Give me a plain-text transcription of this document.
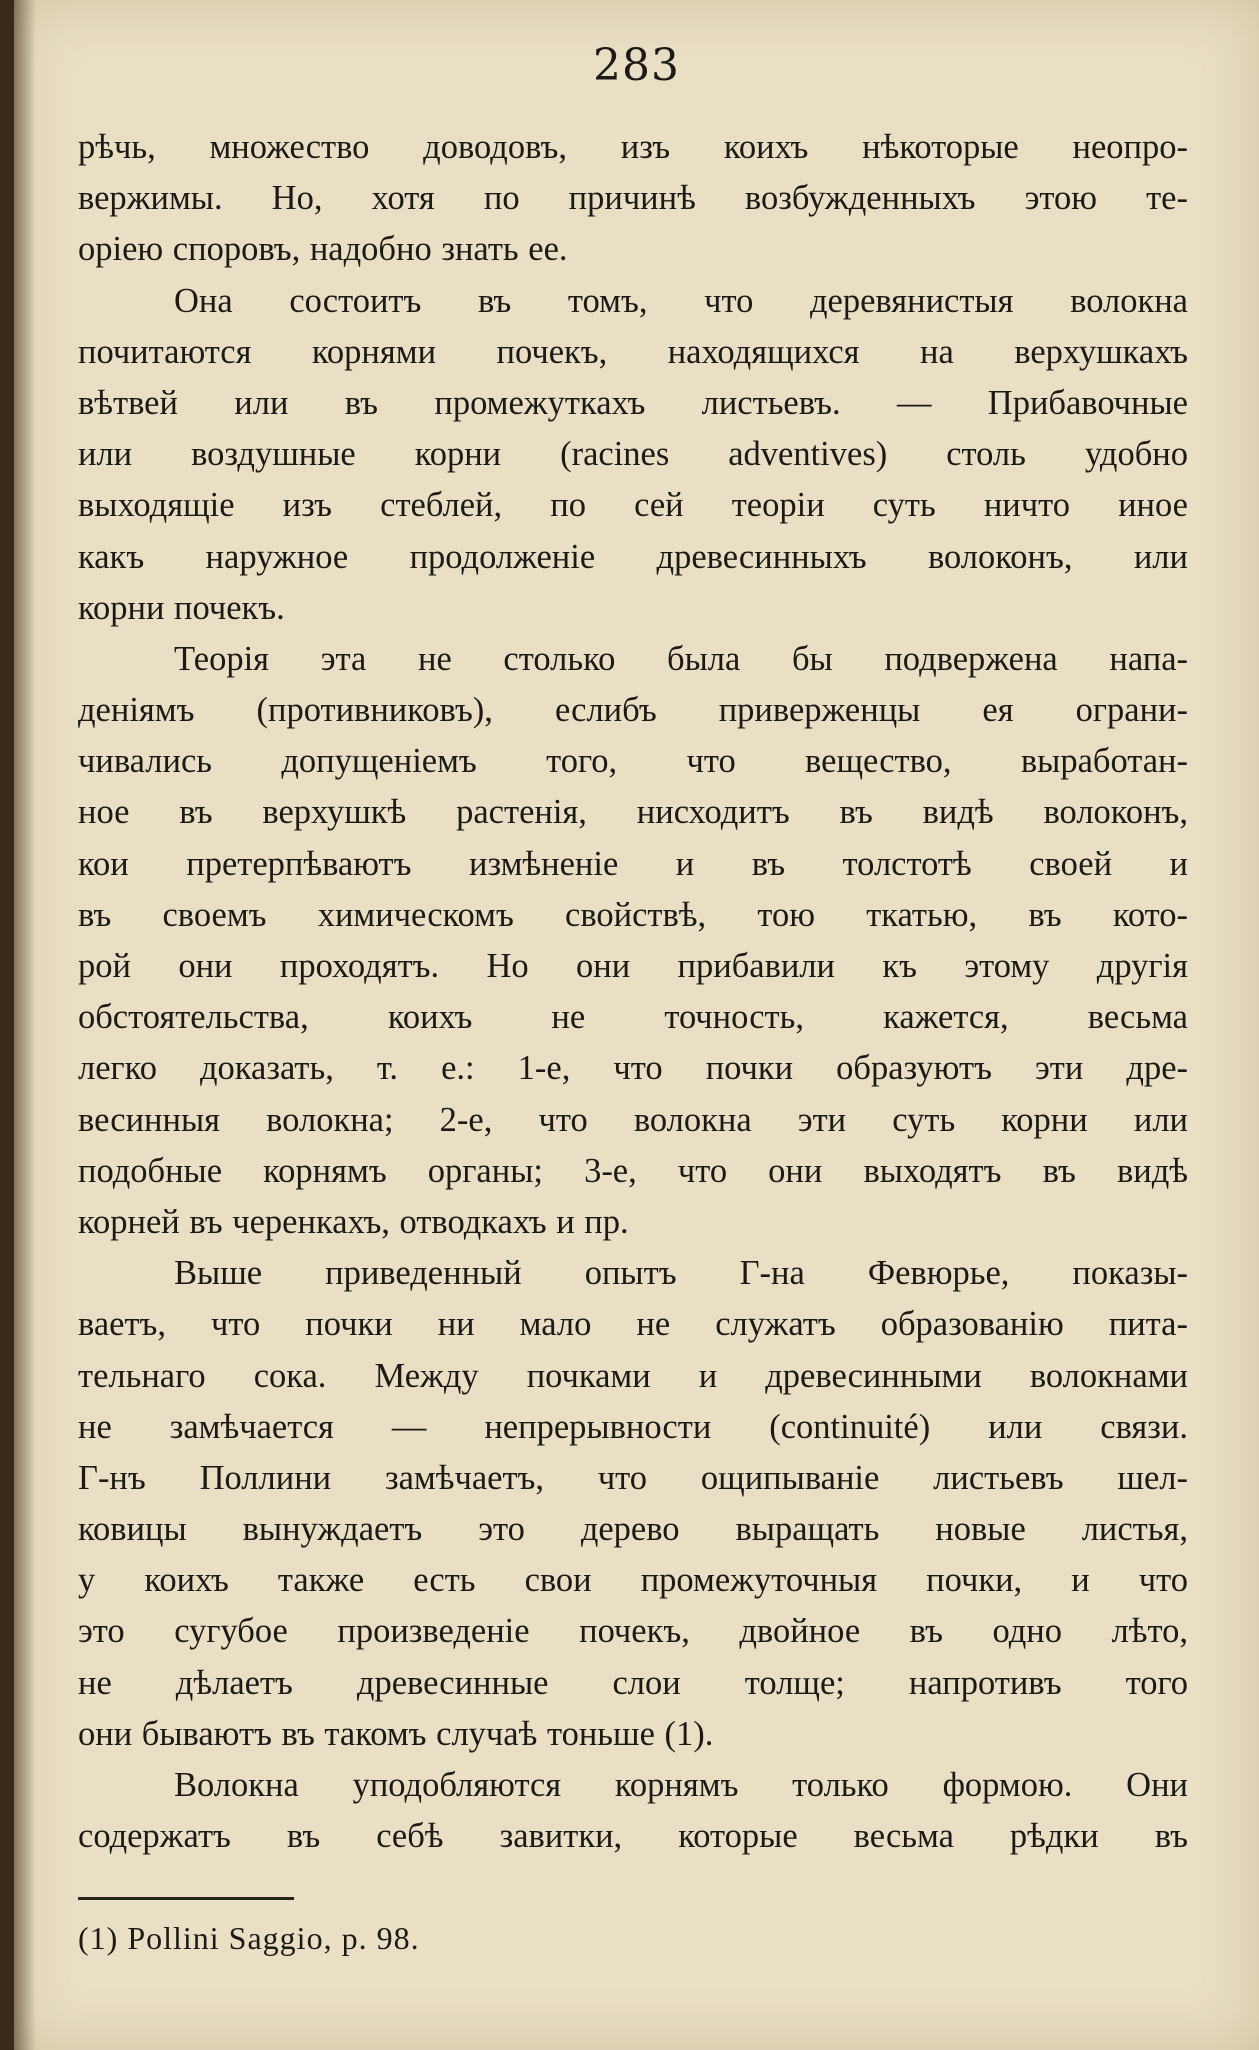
283
рѣчь, множество доводовъ, изъ коихъ нѣкоторые неопро-
вержимы. Но, хотя по причинѣ возбужденныхъ этою те-
оріею споровъ, надобно знать ее.
Она состоитъ въ томъ, что деревянистыя волокна
почитаются корнями почекъ, находящихся на верхушкахъ
вѣтвей или въ промежуткахъ листьевъ. — Прибавочные
или воздушные корни (racines adventives) столь удобно
выходящіе изъ стеблей, по сей теоріи суть ничто иное
какъ наружное продолженіе древесинныхъ волоконъ, или
корни почекъ.
Теорія эта не столько была бы подвержена напа-
деніямъ (противниковъ), еслибъ приверженцы ея ограни-
чивались допущеніемъ того, что вещество, выработан-
ное въ верхушкѣ растенія, нисходитъ въ видѣ волоконъ,
кои претерпѣваютъ измѣненіе и въ толстотѣ своей и
въ своемъ химическомъ свойствѣ, тою ткатью, въ кото-
рой они проходятъ. Но они прибавили къ этому другія
обстоятельства, коихъ не точность, кажется, весьма
легко доказать, т. е.: 1-е, что почки образуютъ эти дре-
весинныя волокна; 2-е, что волокна эти суть корни или
подобные корнямъ органы; 3-е, что они выходятъ въ видѣ
корней въ черенкахъ, отводкахъ и пр.
Выше приведенный опытъ Г-на Февюрье, показы-
ваетъ, что почки ни мало не служатъ образованію пита-
тельнаго сока. Между почками и древесинными волокнами
не замѣчается — непрерывности (continuité) или связи.
Г-нъ Поллини замѣчаетъ, что ощипываніе листьевъ шел-
ковицы вынуждаетъ это дерево выращать новые листья,
у коихъ также есть свои промежуточныя почки, и что
это сугубое произведеніе почекъ, двойное въ одно лѣто,
не дѣлаетъ древесинные слои толще; напротивъ того
они бываютъ въ такомъ случаѣ тоньше (1).
Волокна уподобляются корнямъ только формою. Они
содержатъ въ себѣ завитки, которые весьма рѣдки въ
(1) Pollini Saggio, p. 98.
